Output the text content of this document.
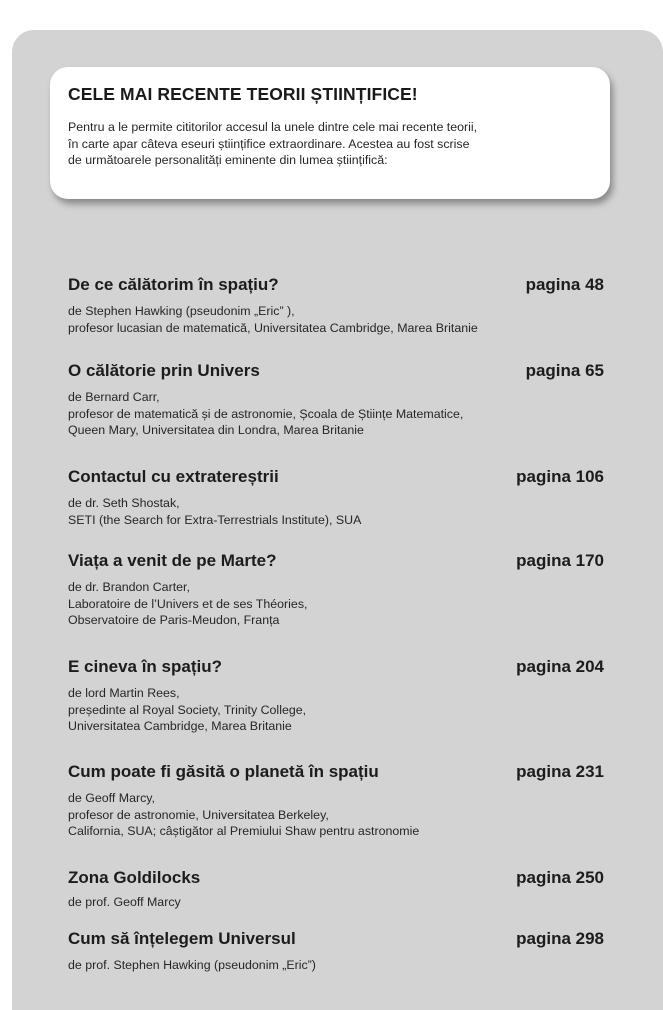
CELE MAI RECENTE TEORII ȘTIINȚIFICE!
Pentru a le permite cititorilor accesul la unele dintre cele mai recente teorii,
în carte apar câteva eseuri științifice extraordinare. Acestea au fost scrise
de următoarele personalități eminente din lumea științifică:
De ce călătorim în spațiu?	pagina 48
de Stephen Hawking (pseudonim „Eric” ),
profesor lucasian de matematică, Universitatea Cambridge, Marea Britanie
O călătorie prin Univers	pagina 65
de Bernard Carr,
profesor de matematică și de astronomie, Școala de Științe Matematice,
Queen Mary, Universitatea din Londra, Marea Britanie
Contactul cu extratereștrii	pagina 106
de dr. Seth Shostak,
SETI (the Search for Extra-Terrestrials Institute), SUA
Viața a venit de pe Marte?	pagina 170
de dr. Brandon Carter,
Laboratoire de l’Univers et de ses Théories,
Observatoire de Paris-Meudon, Franța
E cineva în spațiu?	pagina 204
de lord Martin Rees,
președinte al Royal Society, Trinity College,
Universitatea Cambridge, Marea Britanie
Cum poate fi găsită o planetă în spațiu	pagina 231
de Geoff Marcy,
profesor de astronomie, Universitatea Berkeley,
California, SUA; câștigător al Premiului Shaw pentru astronomie
Zona Goldilocks	pagina 250
de prof. Geoff Marcy
Cum să înțelegem Universul	pagina 298
de prof. Stephen Hawking (pseudonim „Eric”)
